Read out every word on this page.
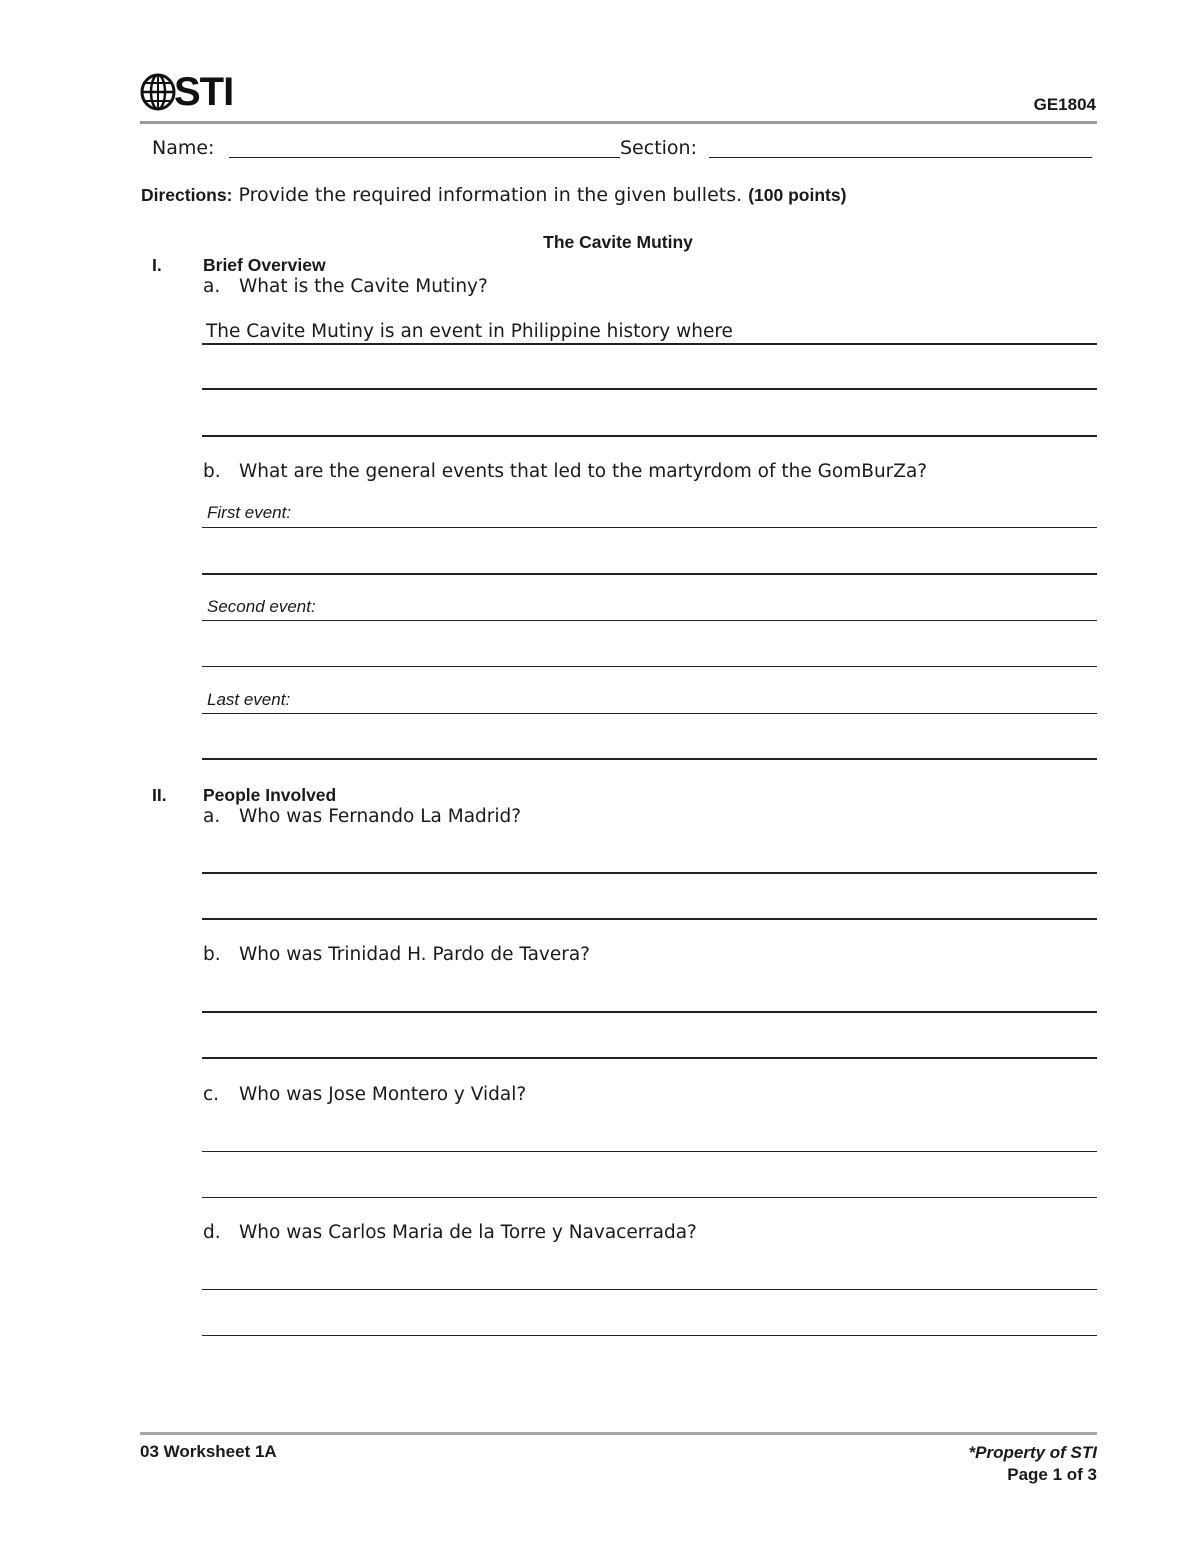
STI	GE1804
Name:	Section:
Directions: Provide the required information in the given bullets. (100 points)
The Cavite Mutiny
I. Brief Overview
a. What is the Cavite Mutiny?
The Cavite Mutiny is an event in Philippine history where
b. What are the general events that led to the martyrdom of the GomBurZa?
First event:
Second event:
Last event:
II. People Involved
a. Who was Fernando La Madrid?
b. Who was Trinidad H. Pardo de Tavera?
c. Who was Jose Montero y Vidal?
d. Who was Carlos Maria de la Torre y Navacerrada?
03 Worksheet 1A	*Property of STI
Page 1 of 3
